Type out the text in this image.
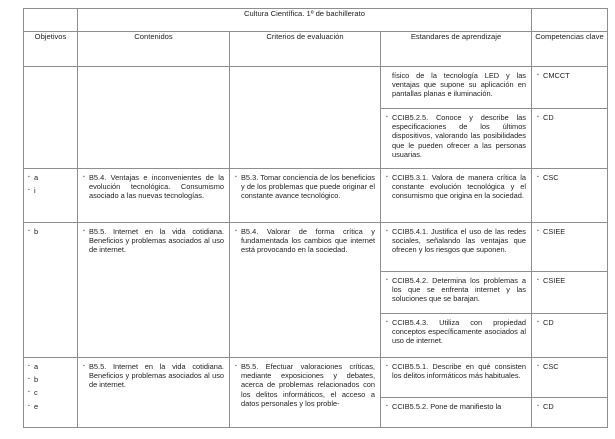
	Cultura Científica. 1º de bachillerato			
Objetivos	Contenidos	Criterios de evaluación	Estandares de aprendizaje	Competencias clave

			▪ físico de la tecnología LED y las ventajas que supone su aplicación en pantallas planas e iluminación.	▪ CMCCT

			▪ CCIB5.2.5. Conoce y describe las especificaciones de los últimos dispositivos, valorando las posibilidades que le pueden ofrecer a las personas usuarias.	▪ CD

▪ a
▪ i	▪ B5.4. Ventajas e inconvenientes de la evolución tecnológica. Consumismo asociado a las nuevas tecnologías.	▪ B5.3. Tomar conciencia de los beneficios y de los problemas que puede originar el constante avance tecnológico.	▪ CCIB5.3.1. Valora de manera crítica la constante evolución tecnológica y el consumismo que origina en la sociedad.	▪ CSC

▪ b	▪ B5.5. Internet en la vida cotidiana. Beneficios y problemas asociados al uso de internet.	▪ B5.4. Valorar de forma crítica y fundamentada los cambios que internet está provocando en la sociedad.	▪ CCIB5.4.1. Justifica el uso de las redes sociales, señalando las ventajas que ofrecen y los riesgos que suponen.	▪ CSIEE

			▪ CCIB5.4.2. Determina los problemas a los que se enfrenta internet y las soluciones que se barajan.	▪ CSIEE

			▪ CCIB5.4.3. Utiliza con propiedad conceptos específicamente asociados al uso de internet.	▪ CD

▪ a
▪ b
▪ c
▪ e	▪ B5.5. Internet en la vida cotidiana. Beneficios y problemas asociados al uso de internet.	▪ B5.5. Efectuar valoraciones críticas, mediante exposiciones y debates, acerca de problemas relacionados con los delitos informáticos, el acceso a datos personales y los proble-	▪ CCIB5.5.1. Describe en qué consisten los delitos informáticos más habituales.	▪ CSC

			▪ CCIB5.5.2. Pone de manifiesto la	▪ CD
